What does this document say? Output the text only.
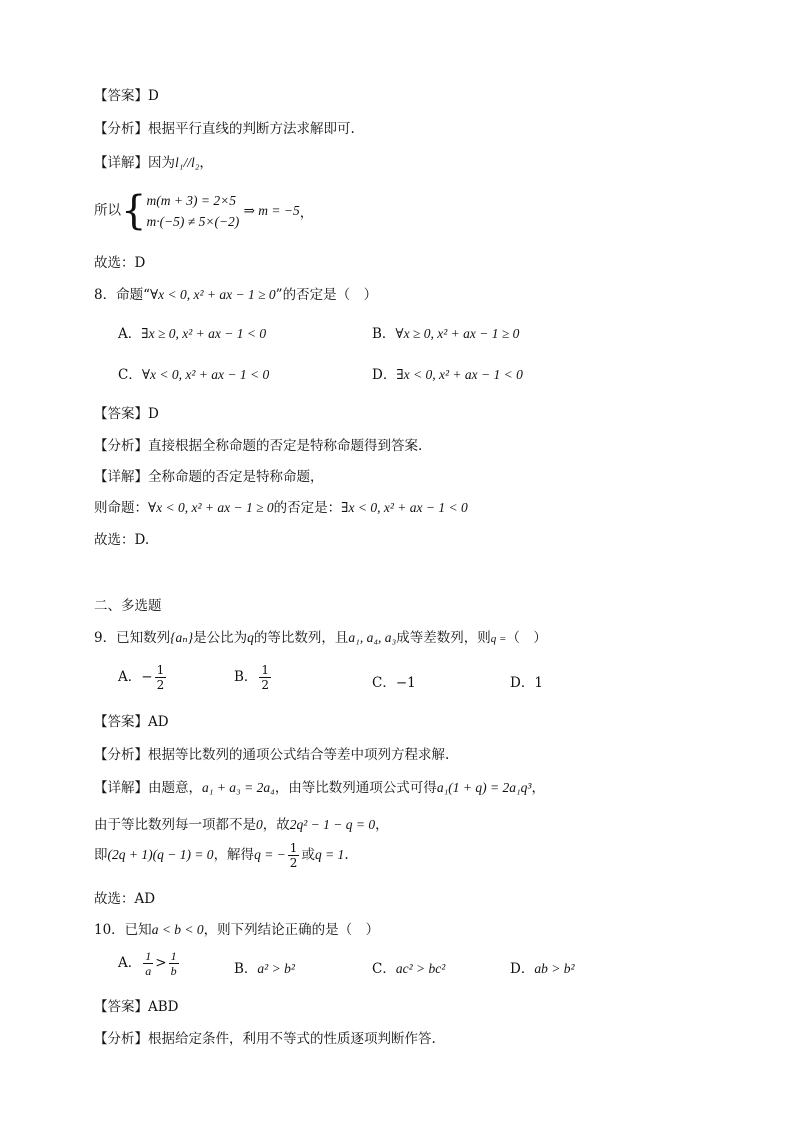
【答案】D
【分析】根据平行直线的判断方法求解即可.
【详解】因为l₁//l₂，
所以{ m(m + 3) = 2×5
m·(−5) ≠ 5×(−2)
⇒ m = −5，
故选：D
8．命题“∀x < 0, x² + ax − 1 ≥ 0”的否定是（　）
A．∃x ≥ 0, x² + ax − 1 < 0	B．∀x ≥ 0, x² + ax − 1 ≥ 0
C．∀x < 0, x² + ax − 1 < 0	D．∃x < 0, x² + ax − 1 < 0
【答案】D
【分析】直接根据全称命题的否定是特称命题得到答案.
【详解】全称命题的否定是特称命题，
则命题：∀x < 0, x² + ax − 1 ≥ 0的否定是：∃x < 0, x² + ax − 1 < 0
故选：D.
二、多选题
9．已知数列{aₙ}是公比为q的等比数列，且a₁, a₄, a₃成等差数列，则q =（　）
A．− $\frac{1}{2}$	B． $\frac{1}{2}$	C．−1	D．1
【答案】AD
【分析】根据等比数列的通项公式结合等差中项列方程求解.
【详解】由题意，a₁ + a₃ = 2a₄，由等比数列通项公式可得a₁(1 + q) = 2a₁q³，
由于等比数列每一项都不是0，故2q² − 1 − q = 0，
即(2q + 1)(q − 1) = 0，解得q = − $\frac{1}{2}$ 或q = 1.
故选：AD
10．已知a < b < 0，则下列结论正确的是（　）
A． $\frac{1}{a} > \frac{1}{b}$	B．a² > b²	C．ac² > bc²	D．ab > b²
【答案】ABD
【分析】根据给定条件，利用不等式的性质逐项判断作答.
